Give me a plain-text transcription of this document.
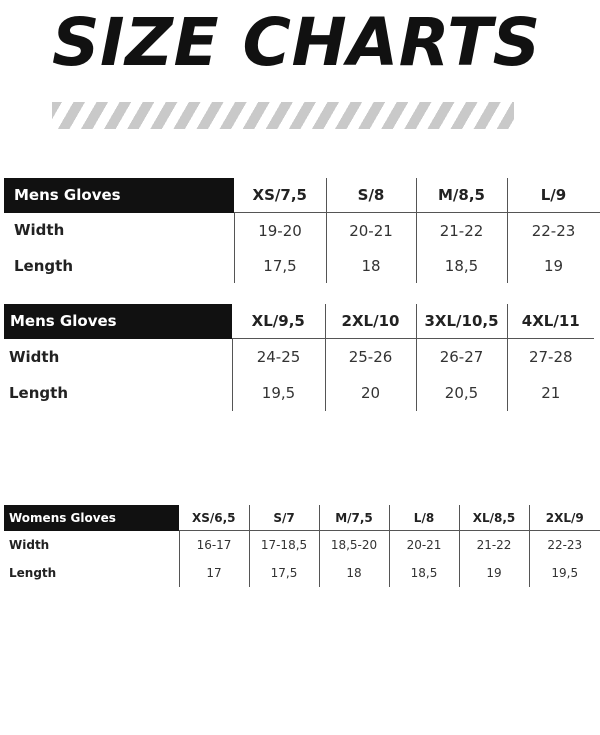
SIZE CHARTS
Mens Gloves	XS/7,5	S/8	M/8,5	L/9
Width	19-20	20-21	21-22	22-23
Length	17,5	18	18,5	19
Mens Gloves	XL/9,5	2XL/10	3XL/10,5	4XL/11
Width	24-25	25-26	26-27	27-28
Length	19,5	20	20,5	21
Womens Gloves	XS/6,5	S/7	M/7,5	L/8	XL/8,5	2XL/9
Width	16-17	17-18,5	18,5-20	20-21	21-22	22-23
Length	17	17,5	18	18,5	19	19,5
